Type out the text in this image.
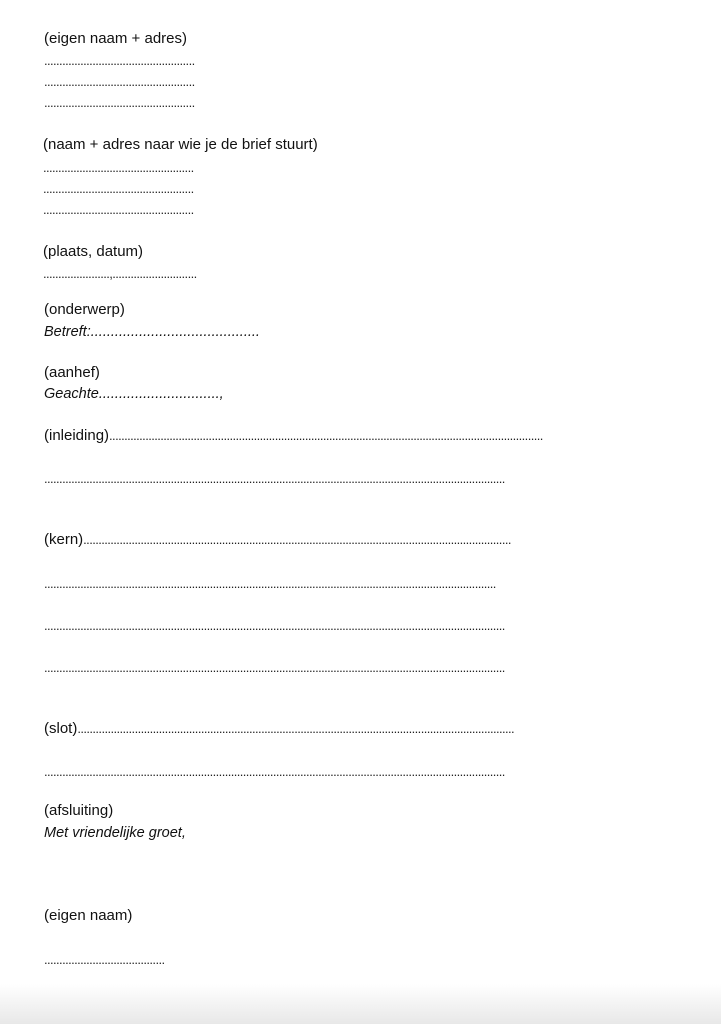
(eigen naam + adres)
..................................................
..................................................
..................................................
(naam + adres naar wie je de brief stuurt)
..................................................
..................................................
..................................................
(plaats, datum)
......................,............................
(onderwerp)
Betreft:..........................................
(aanhef)
Geachte..............................,
(inleiding)................................................................................................................................................
.........................................................................................................................................................
(kern)..............................................................................................................................................
......................................................................................................................................................
.........................................................................................................................................................
.........................................................................................................................................................
(slot).................................................................................................................................................
.........................................................................................................................................................
(afsluiting)
Met vriendelijke groet,
(eigen naam)
........................................
